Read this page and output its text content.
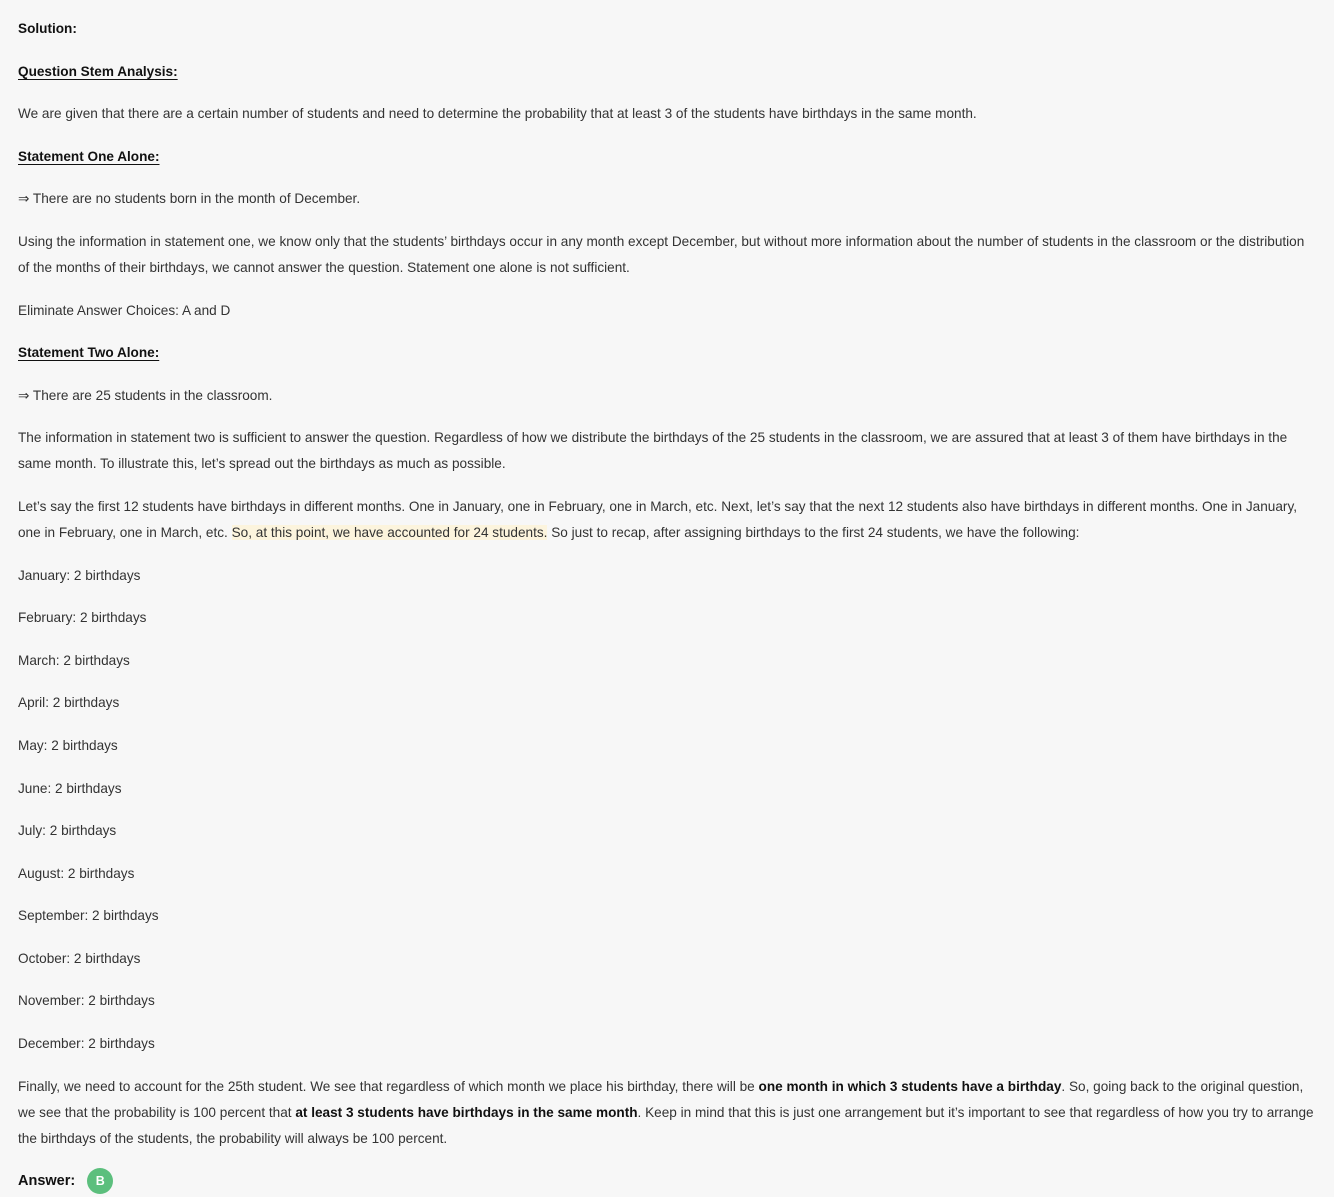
Solution:
Question Stem Analysis:
We are given that there are a certain number of students and need to determine the probability that at least 3 of the students have birthdays in the same month.
Statement One Alone:
⇒ There are no students born in the month of December.
Using the information in statement one, we know only that the students’ birthdays occur in any month except December, but without more information about the number of students in the classroom or the distribution of the months of their birthdays, we cannot answer the question. Statement one alone is not sufficient.
Eliminate Answer Choices: A and D
Statement Two Alone:
⇒ There are 25 students in the classroom.
The information in statement two is sufficient to answer the question. Regardless of how we distribute the birthdays of the 25 students in the classroom, we are assured that at least 3 of them have birthdays in the same month. To illustrate this, let’s spread out the birthdays as much as possible.
Let’s say the first 12 students have birthdays in different months. One in January, one in February, one in March, etc. Next, let’s say that the next 12 students also have birthdays in different months. One in January, one in February, one in March, etc. So, at this point, we have accounted for 24 students. So just to recap, after assigning birthdays to the first 24 students, we have the following:
January: 2 birthdays
February: 2 birthdays
March: 2 birthdays
April: 2 birthdays
May: 2 birthdays
June: 2 birthdays
July: 2 birthdays
August: 2 birthdays
September: 2 birthdays
October: 2 birthdays
November: 2 birthdays
December: 2 birthdays
Finally, we need to account for the 25th student. We see that regardless of which month we place his birthday, there will be one month in which 3 students have a birthday. So, going back to the original question, we see that the probability is 100 percent that at least 3 students have birthdays in the same month. Keep in mind that this is just one arrangement but it’s important to see that regardless of how you try to arrange the birthdays of the students, the probability will always be 100 percent.
Answer:	B
